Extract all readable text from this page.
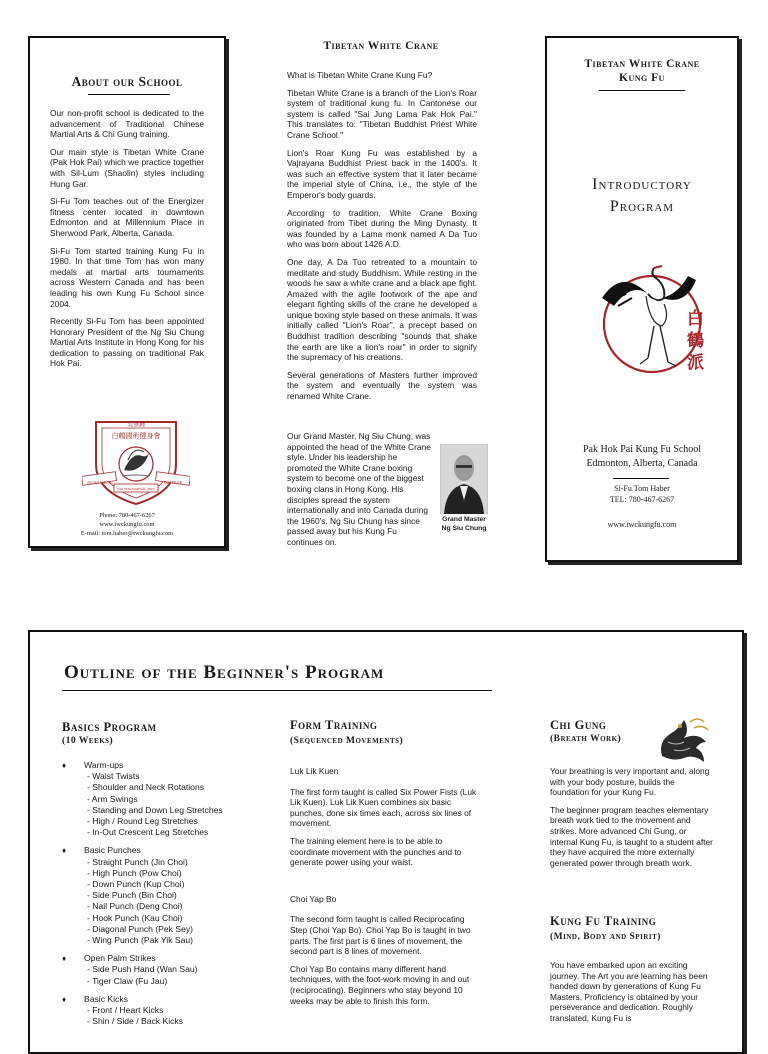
About our School

Our non-profit school is dedicated to the advancement of Traditional Chinese Martial Arts & Chi Gung training.

Our main style is Tibetan White Crane (Pak Hok Pai) which we practice together with Sil-Lum (Shaolin) styles including Hung Gar.

Si-Fu Tom teaches out of the Energizer fitness center located in downtown Edmonton and at Millennium Place in Sherwood Park, Alberta, Canada.

Si-Fu Tom started training Kung Fu in 1980. In that time Tom has won many medals at martial arts tournaments across Western Canada and has been leading his own Kung Fu School since 2004.

Recently Si-Fu Tom has been appointed Honorary President of the Ng Siu Chung Martial Arts Institute in Hong Kong for his dedication to passing on traditional Pak Hok Pai.

吳肇鍾
白鶴國術健身會
NG SIU CHUNG	INSTITUTE
PAK HOK MARTIAL ARTS
Phone: 780-467-6267
www.twckungfu.com
E-mail: tom.haber@twckungfu.com
Tibetan White Crane

What is Tibetan White Crane Kung Fu?

Tibetan White Crane is a branch of the Lion's Roar system of traditional kung fu. In Cantonese our system is called "Sai Jung Lama Pak Hok Pai." This translates to: "Tibetan Buddhist Priest White Crane School."

Lion's Roar Kung Fu was established by a Vajrayana Buddhist Priest back in the 1400's. It was such an effective system that it later became the imperial style of China, i.e., the style of the Emperor's body guards.

According to tradition, White Crane Boxing originated from Tibet during the Ming Dynasty. It was founded by a Lama monk named A Da Tuo who was born about 1426 A.D.

One day, A Da Tuo retreated to a mountain to meditate and study Buddhism. While resting in the woods he saw a white crane and a black ape fight. Amazed with the agile footwork of the ape and elegant fighting skills of the crane he developed a unique boxing style based on these animals. It was initially called "Lion's Roar", a precept based on Buddhist tradition describing "sounds that shake the earth are like a lion's roar" in order to signify the supremacy of his creations.

Several generations of Masters further improved the system and eventually the system was renamed White Crane.

Our Grand Master, Ng Siu Chung, was appointed the head of the White Crane style. Under his leadership he promoted the White Crane boxing system to become one of the biggest boxing clans in Hong Kong. His disciples spread the system internationally and into Canada during the 1960's. Ng Siu Chung has since passed away but his Kung Fu continues on.
Grand Master
Ng Siu Chung
Tibetan White Crane
Kung Fu
Introductory
Program
白
鶴
派
Pak Hok Pai Kung Fu School
Edmonton, Alberta, Canada
Si-Fu Tom Haber
TEL: 780-467-6267
www.twckungfu.com
Outline of the Beginner's Program
Basics Program
(10 Weeks)
♦ Warm-ups
- Waist Twists
- Shoulder and Neck Rotations
- Arm Swings
- Standing and Down Leg Stretches
- High / Round Leg Stretches
- In-Out Crescent Leg Stretches
♦ Basic Punches
- Straight Punch (Jin Choi)
- High Punch (Pow Choi)
- Down Punch (Kup Choi)
- Side Punch (Bin Choi)
- Nail Punch (Deng Choi)
- Hook Punch (Kau Choi)
- Diagonal Punch (Pek Sey)
- Wing Punch (Pak Yik Sau)
♦ Open Palm Strikes
- Side Push Hand (Wan Sau)
- Tiger Claw (Fu Jau)
♦ Basic Kicks
- Front / Heart Kicks
- Shin / Side / Back Kicks
Form Training
(Sequenced Movements)

Luk Lik Kuen

The first form taught is called Six Power Fists (Luk Lik Kuen). Luk Lik Kuen combines six basic punches, done six times each, across six lines of movement.

The training element here is to be able to coordinate movement with the punches and to generate power using your waist.

Choi Yap Bo

The second form taught is called Reciprocating Step (Choi Yap Bo). Choi Yap Bo is taught in two parts. The first part is 6 lines of movement, the second part is 8 lines of movement.

Choi Yap Bo contains many different hand techniques, with the foot-work moving in and out (reciprocating). Beginners who stay beyond 10 weeks may be able to finish this form.

Chi Gung
(Breath Work)

Your breathing is very important and, along with your body posture, builds the foundation for your Kung Fu.

The beginner program teaches elementary breath work tied to the movement and strikes. More advanced Chi Gung, or internal Kung Fu, is taught to a student after they have acquired the more externally generated power through breath work.

Kung Fu Training
(Mind, Body and Spirit)

You have embarked upon an exciting journey. The Art you are learning has been handed down by generations of Kung Fu Masters. Proficiency is obtained by your perseverance and dedication. Roughly translated, Kung Fu is
